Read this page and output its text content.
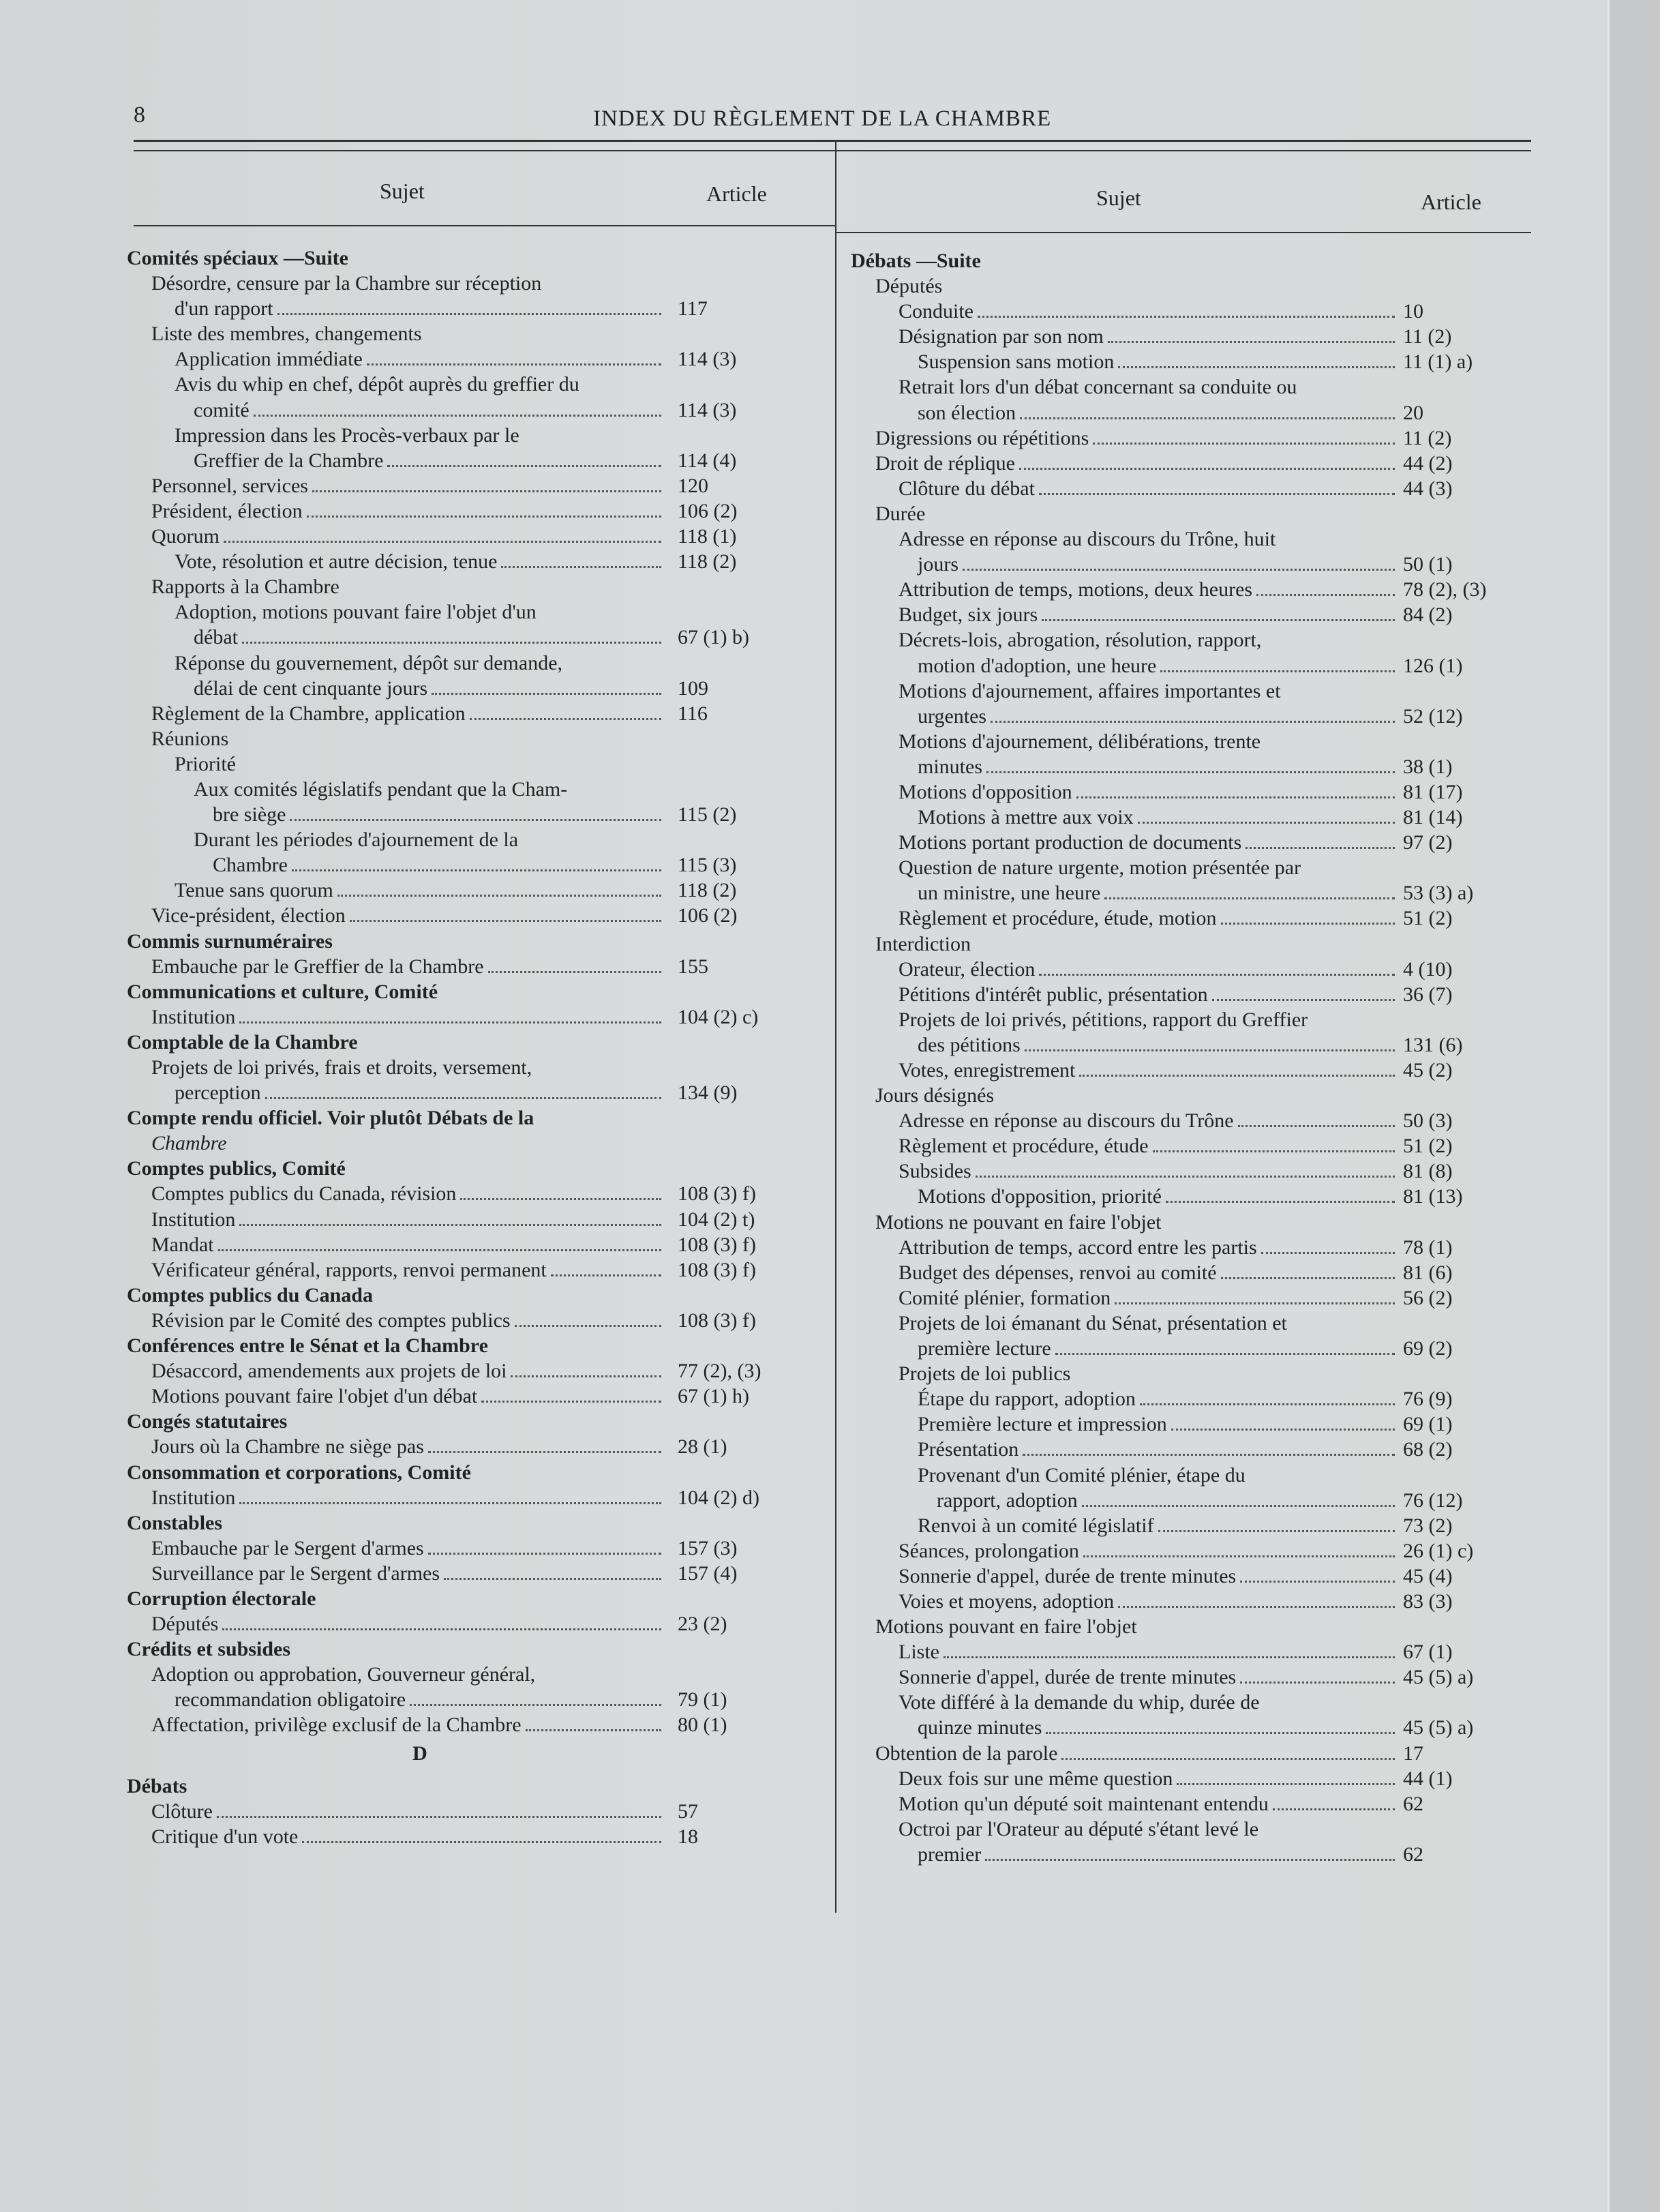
8	INDEX DU RÈGLEMENT DE LA CHAMBRE
Sujet	Article	Sujet	Article
Comités spéciaux —Suite
Désordre, censure par la Chambre sur réception
d'un rapport	117
Liste des membres, changements
Application immédiate	114 (3)
Avis du whip en chef, dépôt auprès du greffier du
comité	114 (3)
Impression dans les Procès-verbaux par le
Greffier de la Chambre	114 (4)
Personnel, services	120
Président, élection	106 (2)
Quorum	118 (1)
Vote, résolution et autre décision, tenue	118 (2)
Rapports à la Chambre
Adoption, motions pouvant faire l'objet d'un
débat	67 (1) b)
Réponse du gouvernement, dépôt sur demande,
délai de cent cinquante jours	109
Règlement de la Chambre, application	116
Réunions
Priorité
Aux comités législatifs pendant que la Cham-
bre siège	115 (2)
Durant les périodes d'ajournement de la
Chambre	115 (3)
Tenue sans quorum	118 (2)
Vice-président, élection	106 (2)
Commis surnuméraires
Embauche par le Greffier de la Chambre	155
Communications et culture, Comité
Institution	104 (2) c)
Comptable de la Chambre
Projets de loi privés, frais et droits, versement,
perception	134 (9)
Compte rendu officiel. Voir plutôt Débats de la
Chambre
Comptes publics, Comité
Comptes publics du Canada, révision	108 (3) f)
Institution	104 (2) t)
Mandat	108 (3) f)
Vérificateur général, rapports, renvoi permanent	108 (3) f)
Comptes publics du Canada
Révision par le Comité des comptes publics	108 (3) f)
Conférences entre le Sénat et la Chambre
Désaccord, amendements aux projets de loi	77 (2), (3)
Motions pouvant faire l'objet d'un débat	67 (1) h)
Congés statutaires
Jours où la Chambre ne siège pas	28 (1)
Consommation et corporations, Comité
Institution	104 (2) d)
Constables
Embauche par le Sergent d'armes	157 (3)
Surveillance par le Sergent d'armes	157 (4)
Corruption électorale
Députés	23 (2)
Crédits et subsides
Adoption ou approbation, Gouverneur général,
recommandation obligatoire	79 (1)
Affectation, privilège exclusif de la Chambre	80 (1)
D
Débats
Clôture	57
Critique d'un vote	18
Débats —Suite
Députés
Conduite	10
Désignation par son nom	11 (2)
Suspension sans motion	11 (1) a)
Retrait lors d'un débat concernant sa conduite ou
son élection	20
Digressions ou répétitions	11 (2)
Droit de réplique	44 (2)
Clôture du débat	44 (3)
Durée
Adresse en réponse au discours du Trône, huit
jours	50 (1)
Attribution de temps, motions, deux heures	78 (2), (3)
Budget, six jours	84 (2)
Décrets-lois, abrogation, résolution, rapport,
motion d'adoption, une heure	126 (1)
Motions d'ajournement, affaires importantes et
urgentes	52 (12)
Motions d'ajournement, délibérations, trente
minutes	38 (1)
Motions d'opposition	81 (17)
Motions à mettre aux voix	81 (14)
Motions portant production de documents	97 (2)
Question de nature urgente, motion présentée par
un ministre, une heure	53 (3) a)
Règlement et procédure, étude, motion	51 (2)
Interdiction
Orateur, élection	4 (10)
Pétitions d'intérêt public, présentation	36 (7)
Projets de loi privés, pétitions, rapport du Greffier
des pétitions	131 (6)
Votes, enregistrement	45 (2)
Jours désignés
Adresse en réponse au discours du Trône	50 (3)
Règlement et procédure, étude	51 (2)
Subsides	81 (8)
Motions d'opposition, priorité	81 (13)
Motions ne pouvant en faire l'objet
Attribution de temps, accord entre les partis	78 (1)
Budget des dépenses, renvoi au comité	81 (6)
Comité plénier, formation	56 (2)
Projets de loi émanant du Sénat, présentation et
première lecture	69 (2)
Projets de loi publics
Étape du rapport, adoption	76 (9)
Première lecture et impression	69 (1)
Présentation	68 (2)
Provenant d'un Comité plénier, étape du
rapport, adoption	76 (12)
Renvoi à un comité législatif	73 (2)
Séances, prolongation	26 (1) c)
Sonnerie d'appel, durée de trente minutes	45 (4)
Voies et moyens, adoption	83 (3)
Motions pouvant en faire l'objet
Liste	67 (1)
Sonnerie d'appel, durée de trente minutes	45 (5) a)
Vote différé à la demande du whip, durée de
quinze minutes	45 (5) a)
Obtention de la parole	17
Deux fois sur une même question	44 (1)
Motion qu'un député soit maintenant entendu	62
Octroi par l'Orateur au député s'étant levé le
premier	62
